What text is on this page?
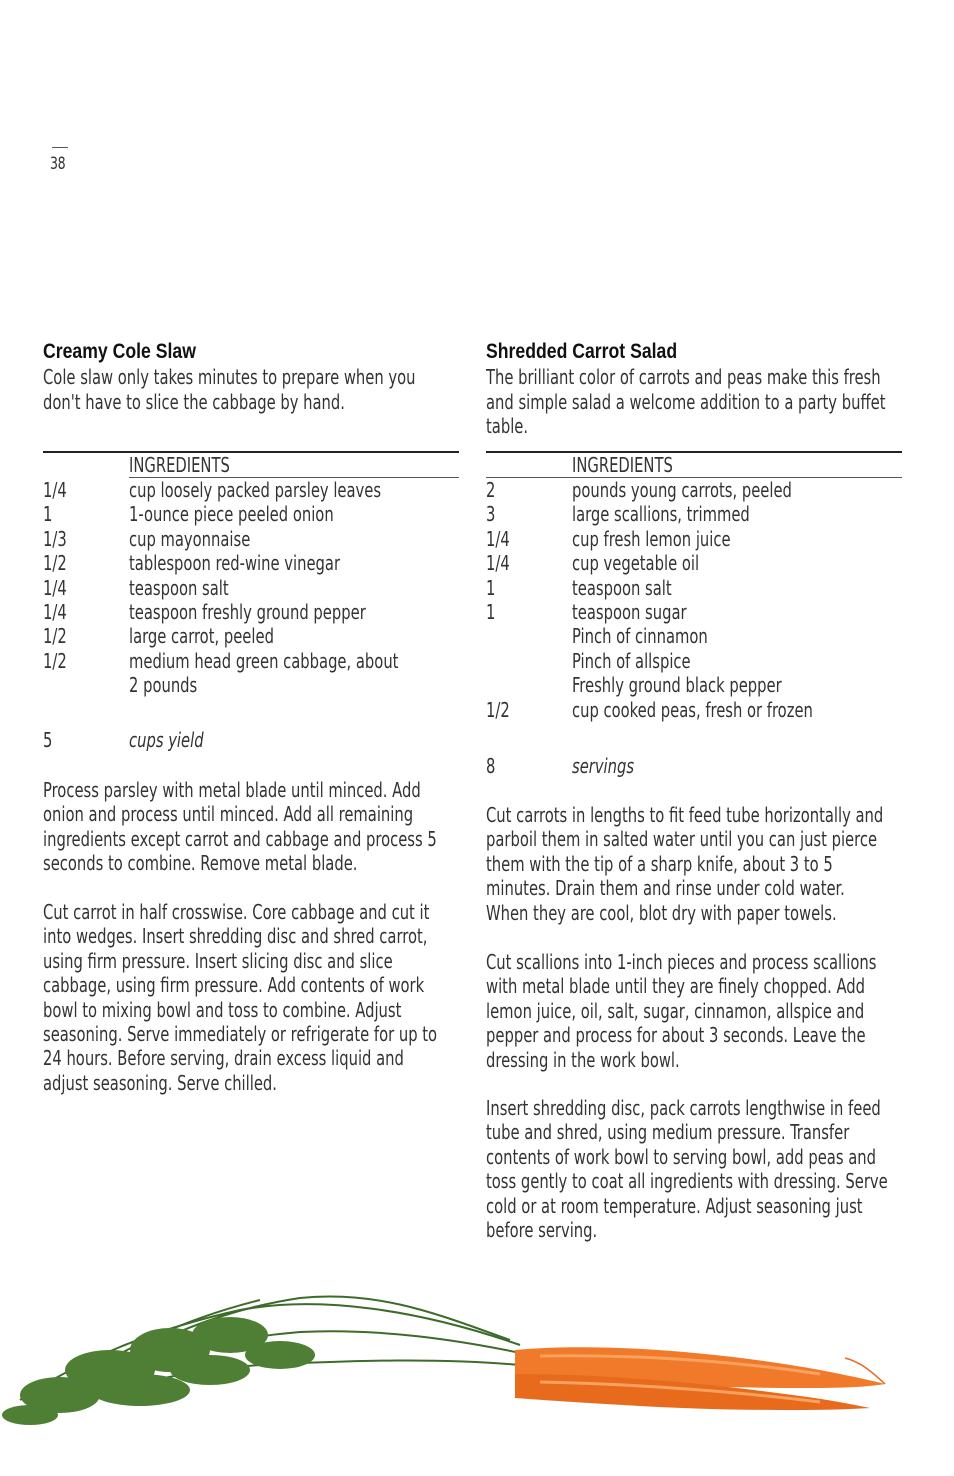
38
Creamy Cole Slaw

Cole slaw only takes minutes to prepare when you don't have to slice the cabbage by hand.

INGREDIENTS
1/4	cup loosely packed parsley leaves
1	1-ounce piece peeled onion
1/3	cup mayonnaise
1/2	tablespoon red-wine vinegar
1/4	teaspoon salt
1/4	teaspoon freshly ground pepper
1/2	large carrot, peeled
1/2	medium head green cabbage, about 2 pounds
5	cups yield

Process parsley with metal blade until minced. Add onion and process until minced. Add all remaining ingredients except carrot and cabbage and process 5 seconds to combine. Remove metal blade.

Cut carrot in half crosswise. Core cabbage and cut it into wedges. Insert shredding disc and shred carrot, using firm pressure. Insert slicing disc and slice cabbage, using firm pressure. Add contents of work bowl to mixing bowl and toss to combine. Adjust seasoning. Serve immediately or refrigerate for up to 24 hours. Before serving, drain excess liquid and adjust seasoning. Serve chilled.

Shredded Carrot Salad

The brilliant color of carrots and peas make this fresh and simple salad a welcome addition to a party buffet table.

INGREDIENTS
2	pounds young carrots, peeled
3	large scallions, trimmed
1/4	cup fresh lemon juice
1/4	cup vegetable oil
1	teaspoon salt
1	teaspoon sugar
Pinch of cinnamon
Pinch of allspice
Freshly ground black pepper
1/2	cup cooked peas, fresh or frozen
8	servings

Cut carrots in lengths to fit feed tube horizontally and parboil them in salted water until you can just pierce them with the tip of a sharp knife, about 3 to 5 minutes. Drain them and rinse under cold water. When they are cool, blot dry with paper towels.

Cut scallions into 1-inch pieces and process scallions with metal blade until they are finely chopped. Add lemon juice, oil, salt, sugar, cinnamon, allspice and pepper and process for about 3 seconds. Leave the dressing in the work bowl.

Insert shredding disc, pack carrots lengthwise in feed tube and shred, using medium pressure. Transfer contents of work bowl to serving bowl, add peas and toss gently to coat all ingredients with dressing. Serve cold or at room temperature. Adjust seasoning just before serving.
